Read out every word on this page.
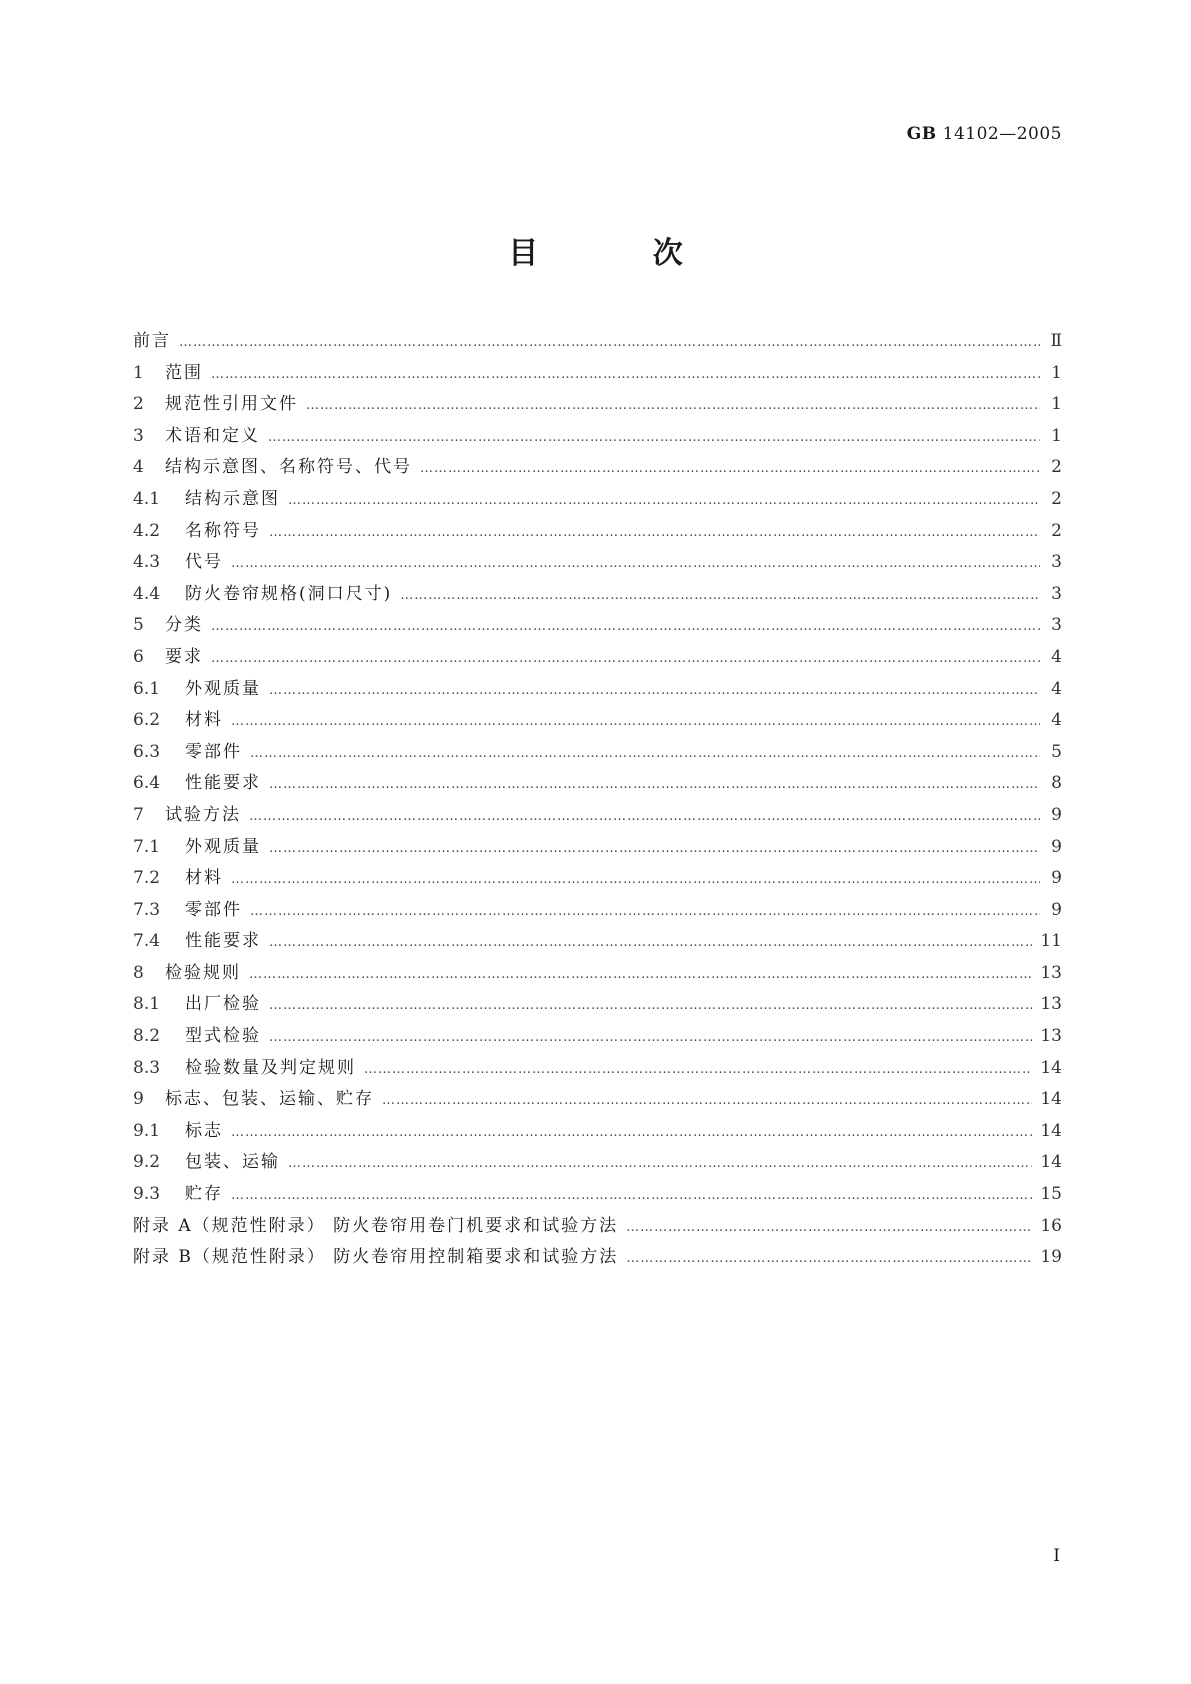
GB 14102—2005
目 次
前言 ………………………………………………………………………………………………………………………………………………………………………………………………………………	Ⅱ
1	范围 ………………………………………………………………………………………………………………………………………………………………………………………………………………	1
2	规范性引用文件 ………………………………………………………………………………………………………………………………………………………………………………………………………………	1
3	术语和定义 ………………………………………………………………………………………………………………………………………………………………………………………………………………	1
4	结构示意图、名称符号、代号 ………………………………………………………………………………………………………………………………………………………………………………………………………………	2
4.1	结构示意图 ………………………………………………………………………………………………………………………………………………………………………………………………………………	2
4.2	名称符号 ………………………………………………………………………………………………………………………………………………………………………………………………………………	2
4.3	代号 ………………………………………………………………………………………………………………………………………………………………………………………………………………	3
4.4	防火卷帘规格(洞口尺寸) ………………………………………………………………………………………………………………………………………………………………………………………………………………	3
5	分类 ………………………………………………………………………………………………………………………………………………………………………………………………………………	3
6	要求 ………………………………………………………………………………………………………………………………………………………………………………………………………………	4
6.1	外观质量 ………………………………………………………………………………………………………………………………………………………………………………………………………………	4
6.2	材料 ………………………………………………………………………………………………………………………………………………………………………………………………………………	4
6.3	零部件 ………………………………………………………………………………………………………………………………………………………………………………………………………………	5
6.4	性能要求 ………………………………………………………………………………………………………………………………………………………………………………………………………………	8
7	试验方法 ………………………………………………………………………………………………………………………………………………………………………………………………………………	9
7.1	外观质量 ………………………………………………………………………………………………………………………………………………………………………………………………………………	9
7.2	材料 ………………………………………………………………………………………………………………………………………………………………………………………………………………	9
7.3	零部件 ………………………………………………………………………………………………………………………………………………………………………………………………………………	9
7.4	性能要求 ………………………………………………………………………………………………………………………………………………………………………………………………………………	11
8	检验规则 ………………………………………………………………………………………………………………………………………………………………………………………………………………	13
8.1	出厂检验 ………………………………………………………………………………………………………………………………………………………………………………………………………………	13
8.2	型式检验 ………………………………………………………………………………………………………………………………………………………………………………………………………………	13
8.3	检验数量及判定规则 ………………………………………………………………………………………………………………………………………………………………………………………………………………	14
9	标志、包装、运输、贮存 ………………………………………………………………………………………………………………………………………………………………………………………………………………	14
9.1	标志 ………………………………………………………………………………………………………………………………………………………………………………………………………………	14
9.2	包装、运输 ………………………………………………………………………………………………………………………………………………………………………………………………………………	14
9.3	贮存 ………………………………………………………………………………………………………………………………………………………………………………………………………………	15
附录 A（规范性附录） 防火卷帘用卷门机要求和试验方法 ………………………………………………………………………………………………………………………………………………………………………………………………………………	16
附录 B（规范性附录） 防火卷帘用控制箱要求和试验方法 ………………………………………………………………………………………………………………………………………………………………………………………………………………	19
I
